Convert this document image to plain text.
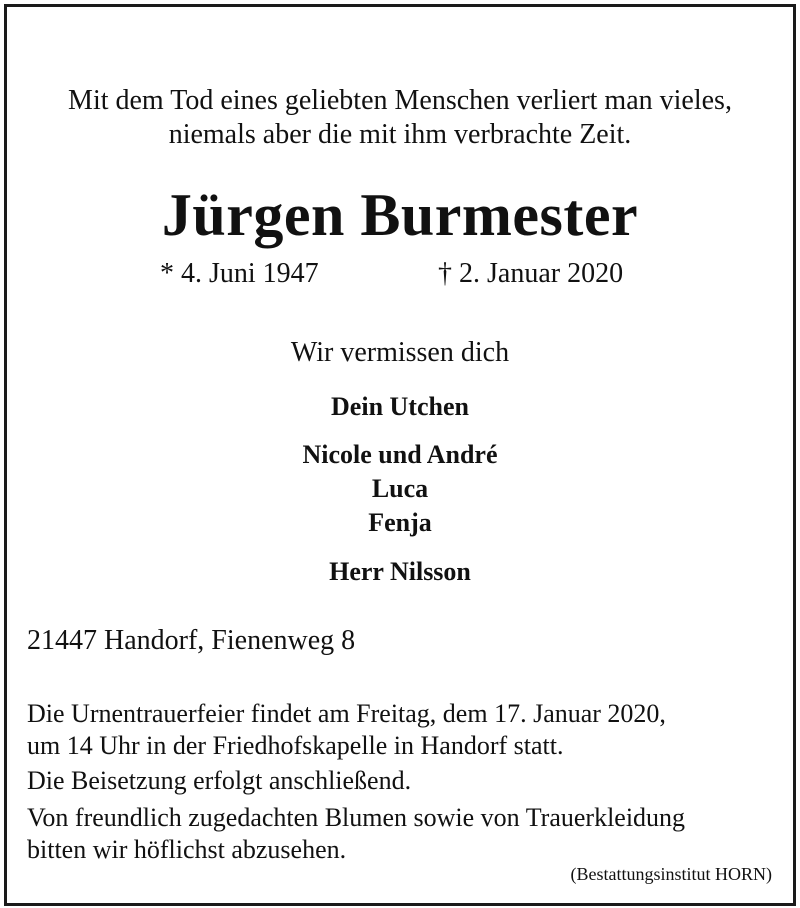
Mit dem Tod eines geliebten Menschen verliert man vieles,
niemals aber die mit ihm verbrachte Zeit.
Jürgen Burmester
* 4. Juni 1947	† 2. Januar 2020
Wir vermissen dich
Dein Utchen
Nicole und André
Luca
Fenja
Herr Nilsson
21447 Handorf, Fienenweg 8
Die Urnentrauerfeier findet am Freitag, dem 17. Januar 2020,
um 14 Uhr in der Friedhofskapelle in Handorf statt.
Die Beisetzung erfolgt anschließend.
Von freundlich zugedachten Blumen sowie von Trauerkleidung
bitten wir höflichst abzusehen.
(Bestattungsinstitut HORN)
